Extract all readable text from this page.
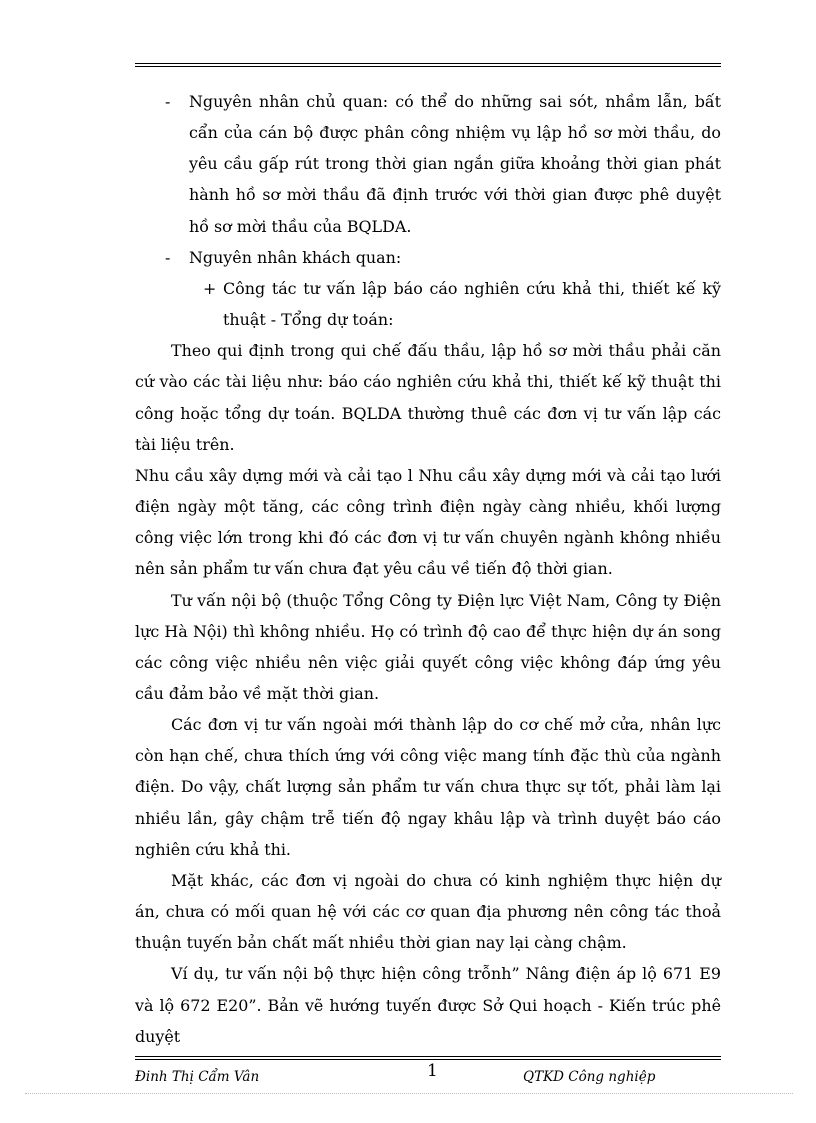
- Nguyên nhân chủ quan: có thể do những sai sót, nhầm lẫn, bất cẩn của cán bộ được phân công nhiệm vụ lập hồ sơ mời thầu, do yêu cầu gấp rút trong thời gian ngắn giữa khoảng thời gian phát hành hồ sơ mời thầu đã định trước với thời gian được phê duyệt hồ sơ mời thầu của BQLDA.

- Nguyên nhân khách quan:

+ Công tác tư vấn lập báo cáo nghiên cứu khả thi, thiết kế kỹ thuật - Tổng dự toán:

Theo qui định trong qui chế đấu thầu, lập hồ sơ mời thầu phải căn cứ vào các tài liệu như: báo cáo nghiên cứu khả thi, thiết kế kỹ thuật thi công hoặc tổng dự toán. BQLDA thường thuê các đơn vị tư vấn lập các tài liệu trên.

Nhu cầu xây dựng mới và cải tạo l Nhu cầu xây dựng mới và cải tạo lưới điện ngày một tăng, các công trình điện ngày càng nhiều, khối lượng công việc lớn trong khi đó các đơn vị tư vấn chuyên ngành không nhiều nên sản phẩm tư vấn chưa đạt yêu cầu về tiến độ thời gian.

Tư vấn nội bộ (thuộc Tổng Công ty Điện lực Việt Nam, Công ty Điện lực Hà Nội) thì không nhiều. Họ có trình độ cao để thực hiện dự án song các công việc nhiều nên việc giải quyết công việc không đáp ứng yêu cầu đảm bảo về mặt thời gian.

Các đơn vị tư vấn ngoài mới thành lập do cơ chế mở cửa, nhân lực còn hạn chế, chưa thích ứng với công việc mang tính đặc thù của ngành điện. Do vậy, chất lượng sản phẩm tư vấn chưa thực sự tốt, phải làm lại nhiều lần, gây chậm trễ tiến độ ngay khâu lập và trình duyệt báo cáo nghiên cứu khả thi.

Mặt khác, các đơn vị ngoài do chưa có kinh nghiệm thực hiện dự án, chưa có mối quan hệ với các cơ quan địa phương nên công tác thoả thuận tuyến bản chất mất nhiều thời gian nay lại càng chậm.

Ví dụ, tư vấn nội bộ thực hiện công trỗnh” Nâng điện áp lộ 671 E9 và lộ 672 E20”. Bản vẽ hướng tuyến được Sở Qui hoạch - Kiến trúc phê duyệt

Đinh Thị Cẩm Vân	1	QTKD Công nghiệp
